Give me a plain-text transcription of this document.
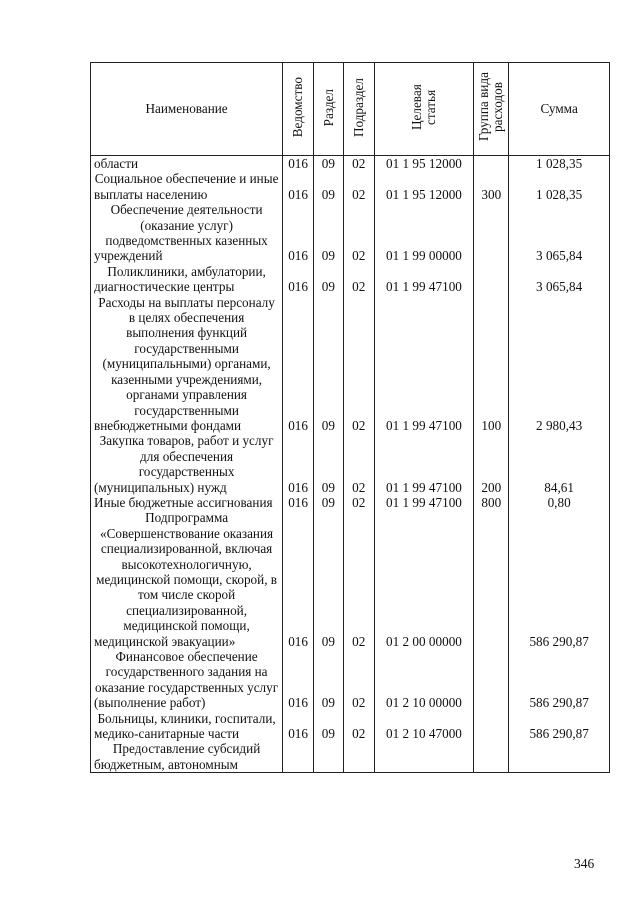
Наименование	Ведомство	Раздел	Подраздел	Целевая статья	Группа вида расходов	Сумма
области	016	09	02	01 1 95 12000		1 028,35
Социальное обеспечение и иные выплаты населению	016	09	02	01 1 95 12000	300	1 028,35
Обеспечение деятельности (оказание услуг) подведомственных казенных учреждений	016	09	02	01 1 99 00000		3 065,84
Поликлиники, амбулатории, диагностические центры	016	09	02	01 1 99 47100		3 065,84
Расходы на выплаты персоналу в целях обеспечения выполнения функций государственными (муниципальными) органами, казенными учреждениями, органами управления государственными внебюджетными фондами	016	09	02	01 1 99 47100	100	2 980,43
Закупка товаров, работ и услуг для обеспечения государственных (муниципальных) нужд	016	09	02	01 1 99 47100	200	84,61
Иные бюджетные ассигнования	016	09	02	01 1 99 47100	800	0,80
Подпрограмма «Совершенствование оказания специализированной, включая высокотехнологичную, медицинской помощи, скорой, в том числе скорой специализированной, медицинской помощи, медицинской эвакуации»	016	09	02	01 2 00 00000		586 290,87
Финансовое обеспечение государственного задания на оказание государственных услуг (выполнение работ)	016	09	02	01 2 10 00000		586 290,87
Больницы, клиники, госпитали, медико-санитарные части	016	09	02	01 2 10 47000		586 290,87
Предоставление субсидий бюджетным, автономным						
346
